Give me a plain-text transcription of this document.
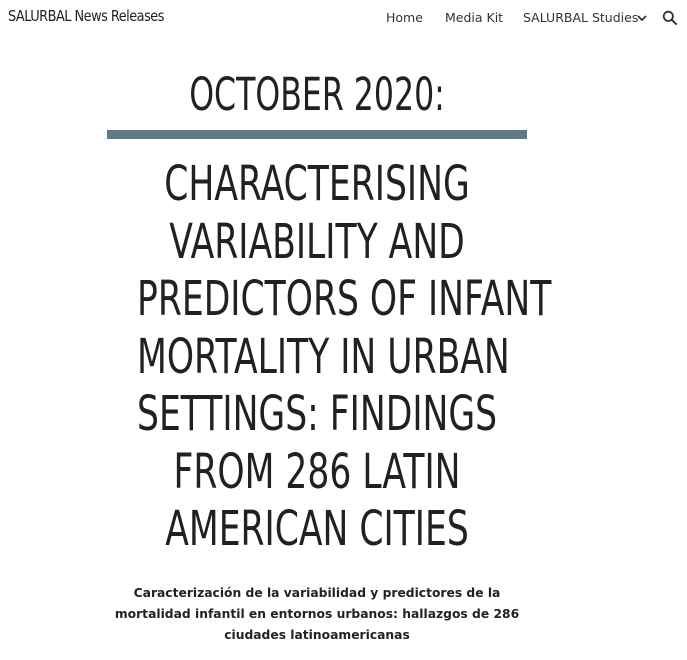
SALURBAL News Releases	Home Media Kit SALURBAL Studies
OCTOBER 2020:
CHARACTERISING
VARIABILITY AND
PREDICTORS OF INFANT
MORTALITY IN URBAN
SETTINGS: FINDINGS
FROM 286 LATIN
AMERICAN CITIES
Caracterización de la variabilidad y predictores de la mortalidad infantil en entornos urbanos: hallazgos de 286 ciudades latinoamericanas
